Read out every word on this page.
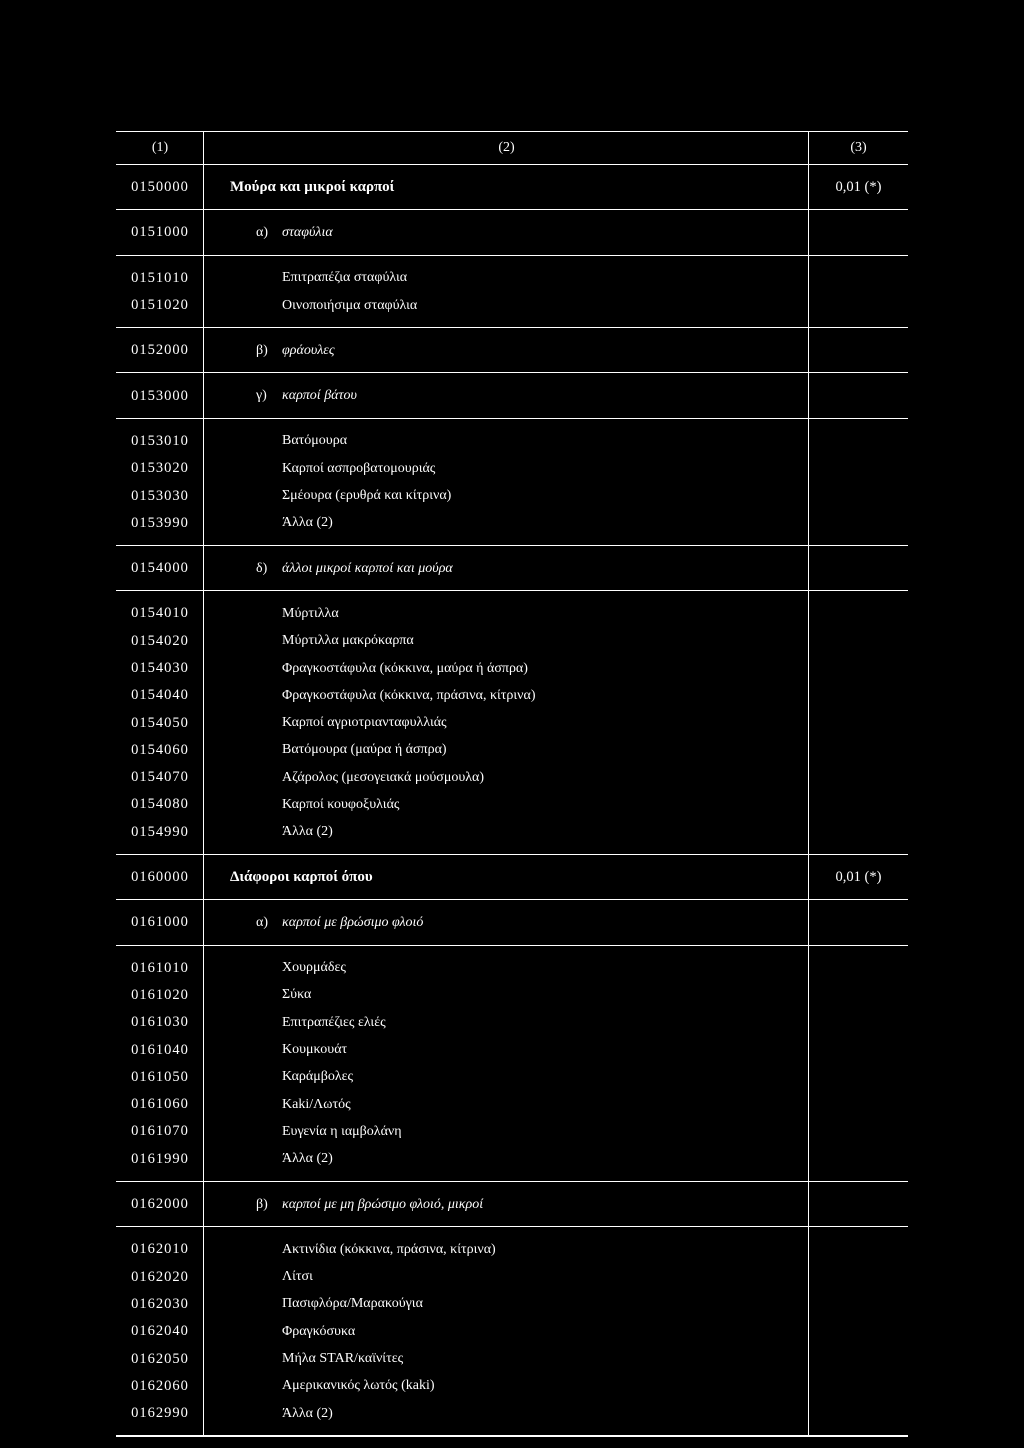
(1)	(2)	(3)
0150000	Μούρα και μικροί καρποί	0,01 (*)
0151000	α) σταφύλια
0151010	Επιτραπέζια σταφύλια
0151020	Οινοποιήσιμα σταφύλια
0152000	β) φράουλες
0153000	γ) καρποί βάτου
0153010	Βατόμουρα
0153020	Καρποί ασπροβατομουριάς
0153030	Σμέουρα (ερυθρά και κίτρινα)
0153990	Άλλα (2)
0154000	δ) άλλοι μικροί καρποί και μούρα
0154010	Μύρτιλλα
0154020	Μύρτιλλα μακρόκαρπα
0154030	Φραγκοστάφυλα (κόκκινα, μαύρα ή άσπρα)
0154040	Φραγκοστάφυλα (κόκκινα, πράσινα, κίτρινα)
0154050	Καρποί αγριοτριανταφυλλιάς
0154060	Βατόμουρα (μαύρα ή άσπρα)
0154070	Αζάρολος (μεσογειακά μούσμουλα)
0154080	Καρποί κουφοξυλιάς
0154990	Άλλα (2)
0160000	Διάφοροι καρποί όπου	0,01 (*)
0161000	α) καρποί με βρώσιμο φλοιό
0161010	Χουρμάδες
0161020	Σύκα
0161030	Επιτραπέζιες ελιές
0161040	Κουμκουάτ
0161050	Καράμβολες
0161060	Kaki/Λωτός
0161070	Ευγενία η ιαμβολάνη
0161990	Άλλα (2)
0162000	β) καρποί με μη βρώσιμο φλοιό, μικροί
0162010	Ακτινίδια (κόκκινα, πράσινα, κίτρινα)
0162020	Λίτσι
0162030	Πασιφλόρα/Μαρακούγια
0162040	Φραγκόσυκα
0162050	Μήλα STAR/καϊνίτες
0162060	Αμερικανικός λωτός (kaki)
0162990	Άλλα (2)
